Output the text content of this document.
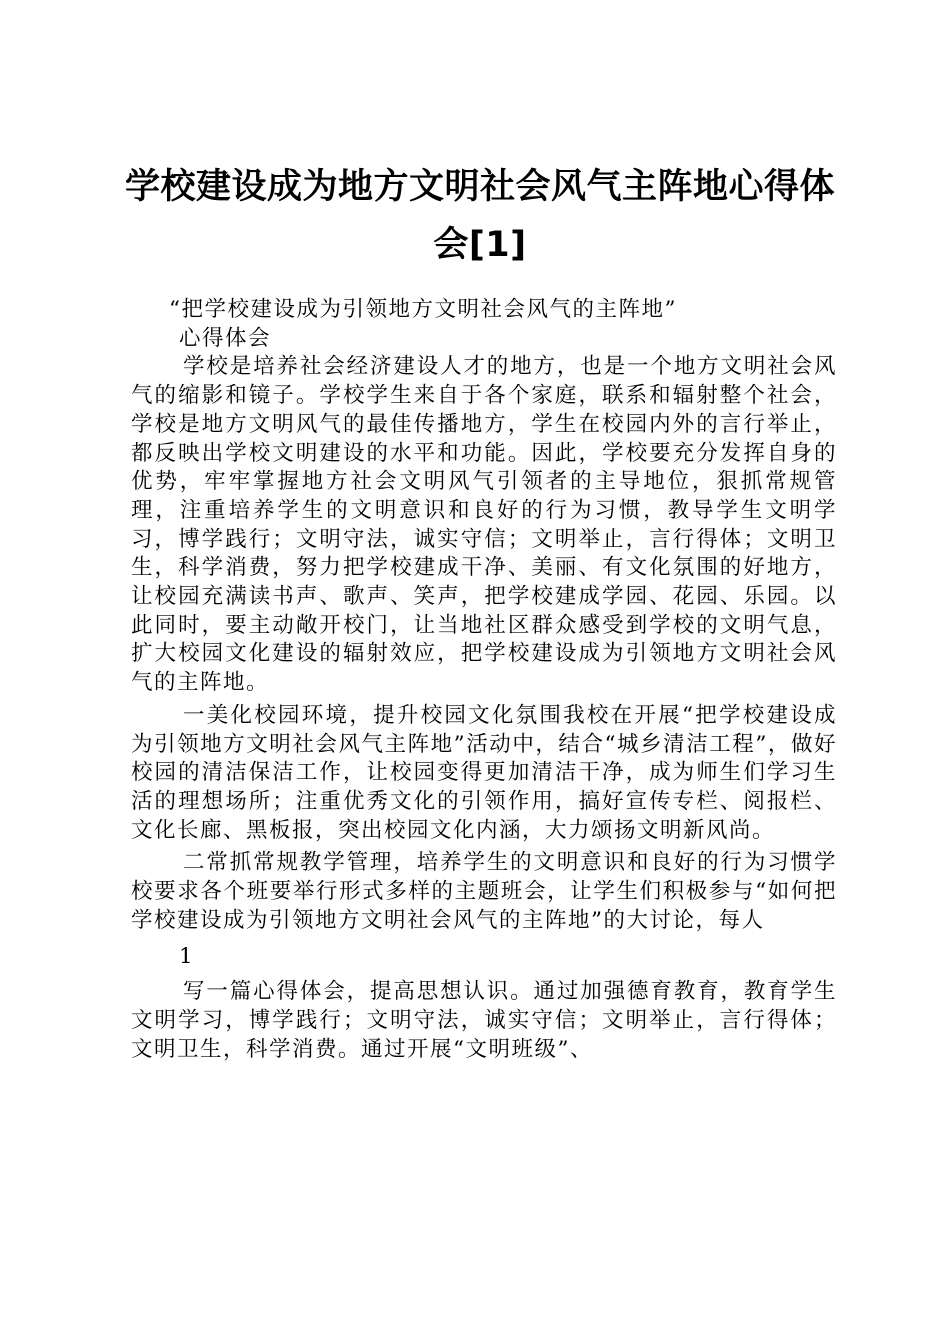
学校建设成为地方文明社会风气主阵地心得体会[1]

“把学校建设成为引领地方文明社会风气的主阵地”

心得体会

学校是培养社会经济建设人才的地方，也是一个地方文明社会风气的缩影和镜子。学校学生来自于各个家庭，联系和辐射整个社会，学校是地方文明风气的最佳传播地方，学生在校园内外的言行举止，都反映出学校文明建设的水平和功能。因此，学校要充分发挥自身的优势，牢牢掌握地方社会文明风气引领者的主导地位，狠抓常规管理，注重培养学生的文明意识和良好的行为习惯，教导学生文明学习，博学践行；文明守法，诚实守信；文明举止，言行得体；文明卫生，科学消费，努力把学校建成干净、美丽、有文化氛围的好地方，让校园充满读书声、歌声、笑声，把学校建成学园、花园、乐园。以此同时，要主动敞开校门，让当地社区群众感受到学校的文明气息，扩大校园文化建设的辐射效应，把学校建设成为引领地方文明社会风气的主阵地。

一美化校园环境，提升校园文化氛围我校在开展“把学校建设成为引领地方文明社会风气主阵地”活动中，结合“城乡清洁工程”，做好校园的清洁保洁工作，让校园变得更加清洁干净，成为师生们学习生活的理想场所；注重优秀文化的引领作用，搞好宣传专栏、阅报栏、文化长廊、黑板报，突出校园文化内涵，大力颂扬文明新风尚。

二常抓常规教学管理，培养学生的文明意识和良好的行为习惯学校要求各个班要举行形式多样的主题班会，让学生们积极参与“如何把学校建设成为引领地方文明社会风气的主阵地”的大讨论，每人

1

写一篇心得体会，提高思想认识。通过加强德育教育，教育学生文明学习，博学践行；文明守法，诚实守信；文明举止，言行得体；文明卫生，科学消费。通过开展“文明班级”、
